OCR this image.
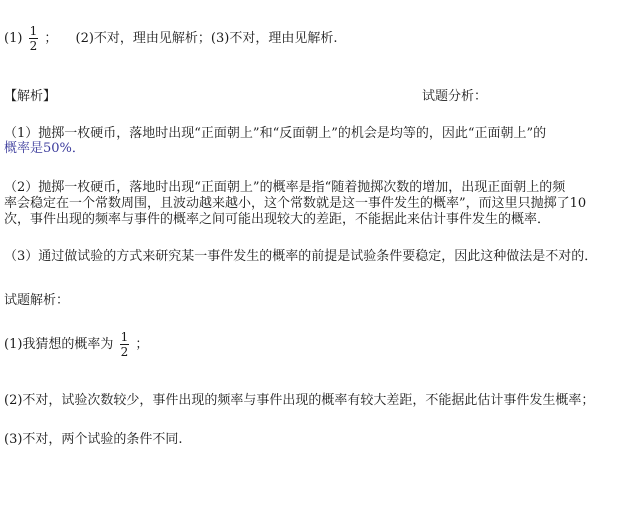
$(1) \frac{1}{2}$ ； (2)不对，理由见解析；(3)不对，理由见解析.
【解析】	试题分析：
（1）抛掷一枚硬币，落地时出现“正面朝上”和“反面朝上”的机会是均等的，因此“正面朝上”的
概率是50%．
（2）抛掷一枚硬币，落地时出现“正面朝上”的概率是指“随着抛掷次数的增加，出现正面朝上的频
率会稳定在一个常数周围，且波动越来越小，这个常数就是这一事件发生的概率”，而这里只抛掷了10
次，事件出现的频率与事件的概率之间可能出现较大的差距，不能据此来估计事件发生的概率．
（3）通过做试验的方式来研究某一事件发生的概率的前提是试验条件要稳定，因此这种做法是不对的．
试题解析：
(1)我猜想的概率为 $\frac{1}{2}$ ；
(2)不对，试验次数较少，事件出现的频率与事件出现的概率有较大差距，不能据此估计事件发生概率；
(3)不对，两个试验的条件不同.
